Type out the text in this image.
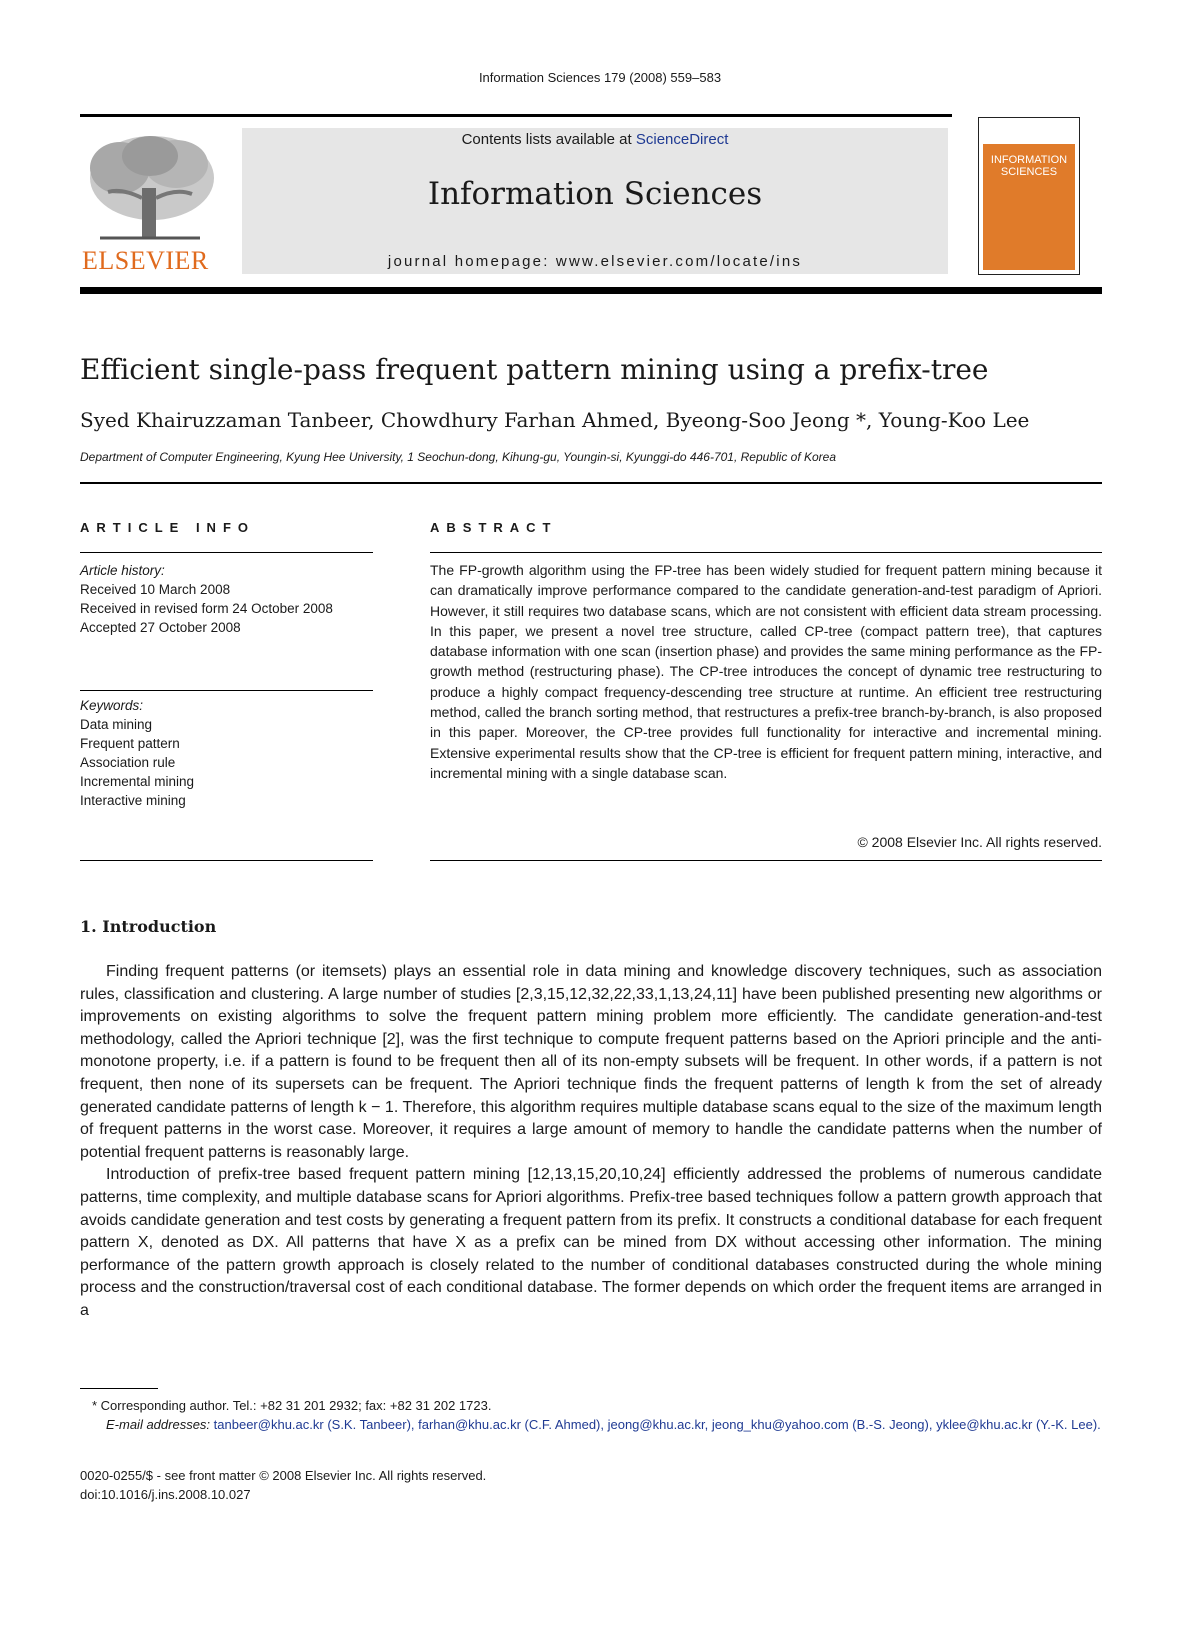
Information Sciences 179 (2008) 559–583
ELSEVIER
Contents lists available at ScienceDirect
Information Sciences
journal homepage: www.elsevier.com/locate/ins
INFORMATION SCIENCES
Efficient single-pass frequent pattern mining using a prefix-tree
Syed Khairuzzaman Tanbeer, Chowdhury Farhan Ahmed, Byeong-Soo Jeong *, Young-Koo Lee
Department of Computer Engineering, Kyung Hee University, 1 Seochun-dong, Kihung-gu, Youngin-si, Kyunggi-do 446-701, Republic of Korea
ARTICLE INFO
Article history:
Received 10 March 2008
Received in revised form 24 October 2008
Accepted 27 October 2008
Keywords:
Data mining
Frequent pattern
Association rule
Incremental mining
Interactive mining
ABSTRACT
The FP-growth algorithm using the FP-tree has been widely studied for frequent pattern mining because it can dramatically improve performance compared to the candidate generation-and-test paradigm of Apriori. However, it still requires two database scans, which are not consistent with efficient data stream processing. In this paper, we present a novel tree structure, called CP-tree (compact pattern tree), that captures database information with one scan (insertion phase) and provides the same mining performance as the FP-growth method (restructuring phase). The CP-tree introduces the concept of dynamic tree restructuring to produce a highly compact frequency-descending tree structure at runtime. An efficient tree restructuring method, called the branch sorting method, that restructures a prefix-tree branch-by-branch, is also proposed in this paper. Moreover, the CP-tree provides full functionality for interactive and incremental mining. Extensive experimental results show that the CP-tree is efficient for frequent pattern mining, interactive, and incremental mining with a single database scan.
© 2008 Elsevier Inc. All rights reserved.
1. Introduction

Finding frequent patterns (or itemsets) plays an essential role in data mining and knowledge discovery techniques, such as association rules, classification and clustering. A large number of studies [2,3,15,12,32,22,33,1,13,24,11] have been published presenting new algorithms or improvements on existing algorithms to solve the frequent pattern mining problem more efficiently. The candidate generation-and-test methodology, called the Apriori technique [2], was the first technique to compute frequent patterns based on the Apriori principle and the anti-monotone property, i.e. if a pattern is found to be frequent then all of its non-empty subsets will be frequent. In other words, if a pattern is not frequent, then none of its supersets can be frequent. The Apriori technique finds the frequent patterns of length k from the set of already generated candidate patterns of length k − 1. Therefore, this algorithm requires multiple database scans equal to the size of the maximum length of frequent patterns in the worst case. Moreover, it requires a large amount of memory to handle the candidate patterns when the number of potential frequent patterns is reasonably large.

Introduction of prefix-tree based frequent pattern mining [12,13,15,20,10,24] efficiently addressed the problems of numerous candidate patterns, time complexity, and multiple database scans for Apriori algorithms. Prefix-tree based techniques follow a pattern growth approach that avoids candidate generation and test costs by generating a frequent pattern from its prefix. It constructs a conditional database for each frequent pattern X, denoted as DX. All patterns that have X as a prefix can be mined from DX without accessing other information. The mining performance of the pattern growth approach is closely related to the number of conditional databases constructed during the whole mining process and the construction/traversal cost of each conditional database. The former depends on which order the frequent items are arranged in a

* Corresponding author. Tel.: +82 31 201 2932; fax: +82 31 202 1723.
E-mail addresses: tanbeer@khu.ac.kr (S.K. Tanbeer), farhan@khu.ac.kr (C.F. Ahmed), jeong@khu.ac.kr, jeong_khu@yahoo.com (B.-S. Jeong), yklee@khu.ac.kr (Y.-K. Lee).
0020-0255/$ - see front matter © 2008 Elsevier Inc. All rights reserved.
doi:10.1016/j.ins.2008.10.027
